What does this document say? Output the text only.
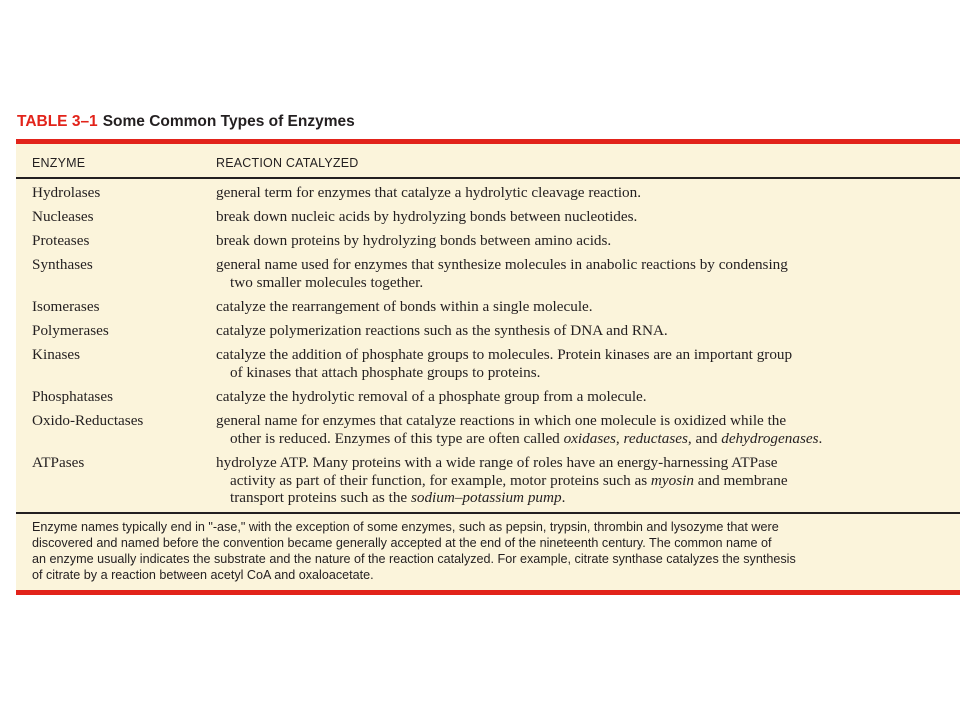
TABLE 3–1 Some Common Types of Enzymes
ENZYME	REACTION CATALYZED
Hydrolases	general term for enzymes that catalyze a hydrolytic cleavage reaction.
Nucleases	break down nucleic acids by hydrolyzing bonds between nucleotides.
Proteases	break down proteins by hydrolyzing bonds between amino acids.
Synthases	general name used for enzymes that synthesize molecules in anabolic reactions by condensing
two smaller molecules together.
Isomerases	catalyze the rearrangement of bonds within a single molecule.
Polymerases	catalyze polymerization reactions such as the synthesis of DNA and RNA.
Kinases	catalyze the addition of phosphate groups to molecules. Protein kinases are an important group
of kinases that attach phosphate groups to proteins.
Phosphatases	catalyze the hydrolytic removal of a phosphate group from a molecule.
Oxido-Reductases	general name for enzymes that catalyze reactions in which one molecule is oxidized while the
other is reduced. Enzymes of this type are often called oxidases, reductases, and dehydrogenases.
ATPases	hydrolyze ATP. Many proteins with a wide range of roles have an energy-harnessing ATPase
activity as part of their function, for example, motor proteins such as myosin and membrane
transport proteins such as the sodium–potassium pump.
Enzyme names typically end in "-ase," with the exception of some enzymes, such as pepsin, trypsin, thrombin and lysozyme that were
discovered and named before the convention became generally accepted at the end of the nineteenth century. The common name of
an enzyme usually indicates the substrate and the nature of the reaction catalyzed. For example, citrate synthase catalyzes the synthesis
of citrate by a reaction between acetyl CoA and oxaloacetate.
